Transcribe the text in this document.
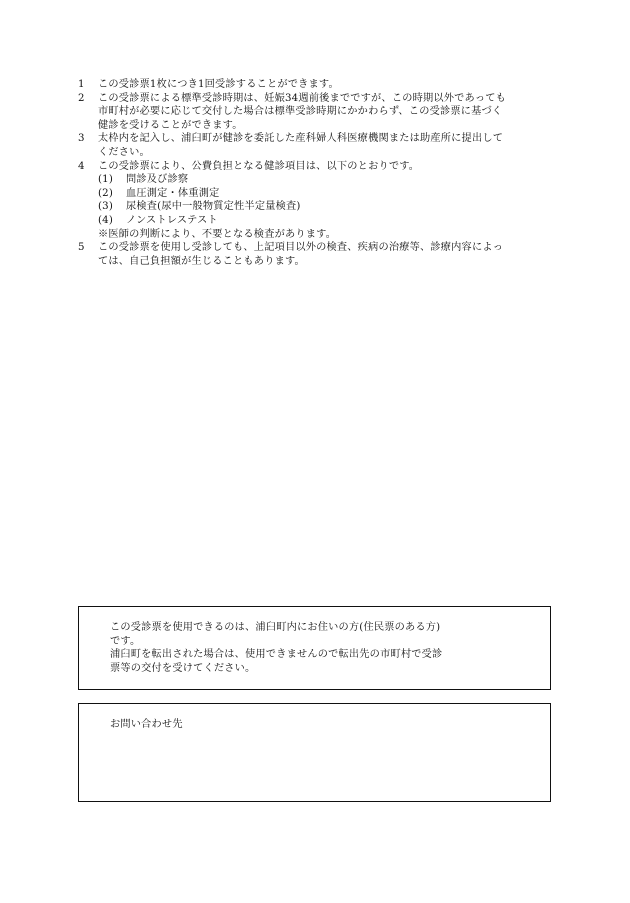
1	この受診票1枚につき1回受診することができます。
2	この受診票による標準受診時期は、妊娠34週前後までですが、この時期以外であっても
市町村が必要に応じて交付した場合は標準受診時期にかかわらず、この受診票に基づく
健診を受けることができます。
3	太枠内を記入し、浦臼町が健診を委託した産科婦人科医療機関または助産所に提出して
ください。
4	この受診票により、公費負担となる健診項目は、以下のとおりです。
(1)	問診及び診察
(2)	血圧測定・体重測定
(3)	尿検査(尿中一般物質定性半定量検査)
(4)	ノンストレステスト
※医師の判断により、不要となる検査があります。
5	この受診票を使用し受診しても、上記項目以外の検査、疾病の治療等、診療内容によっ
ては、自己負担額が生じることもあります。
この受診票を使用できるのは、浦臼町内にお住いの方(住民票のある方)
です。
浦臼町を転出された場合は、使用できませんので転出先の市町村で受診
票等の交付を受けてください。
お問い合わせ先
